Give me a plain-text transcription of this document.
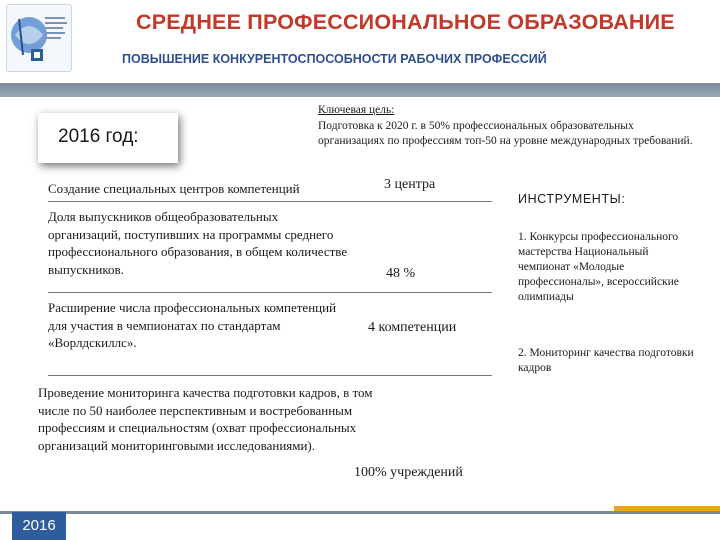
СРЕДНЕЕ ПРОФЕССИОНАЛЬНОЕ ОБРАЗОВАНИЕ
ПОВЫШЕНИЕ КОНКУРЕНТОСПОСОБНОСТИ РАБОЧИХ ПРОФЕССИЙ
2016 год:
Ключевая цель:
Подготовка к 2020 г. в 50% профессиональных образовательных организациях по профессиям топ-50 на уровне международных требований.
Создание специальных центров компетенций	3 центра
Доля выпускников общеобразовательных организаций, поступивших на программы среднего профессионального образования, в общем количестве выпускников.	48 %
Расширение числа профессиональных компетенций для участия в чемпионатах по стандартам «Ворлдскиллс».
4 компетенции
Проведение мониторинга качества подготовки кадров, в том числе по 50 наиболее перспективным и востребованным профессиям и специальностям (охват профессиональных организаций мониторинговыми исследованиями).
100% учреждений
ИНСТРУМЕНТЫ:
1. Конкурсы профессионального мастерства Национальный чемпионат «Молодые профессионалы», всероссийские олимпиады
2. Мониторинг качества подготовки кадров
2016
